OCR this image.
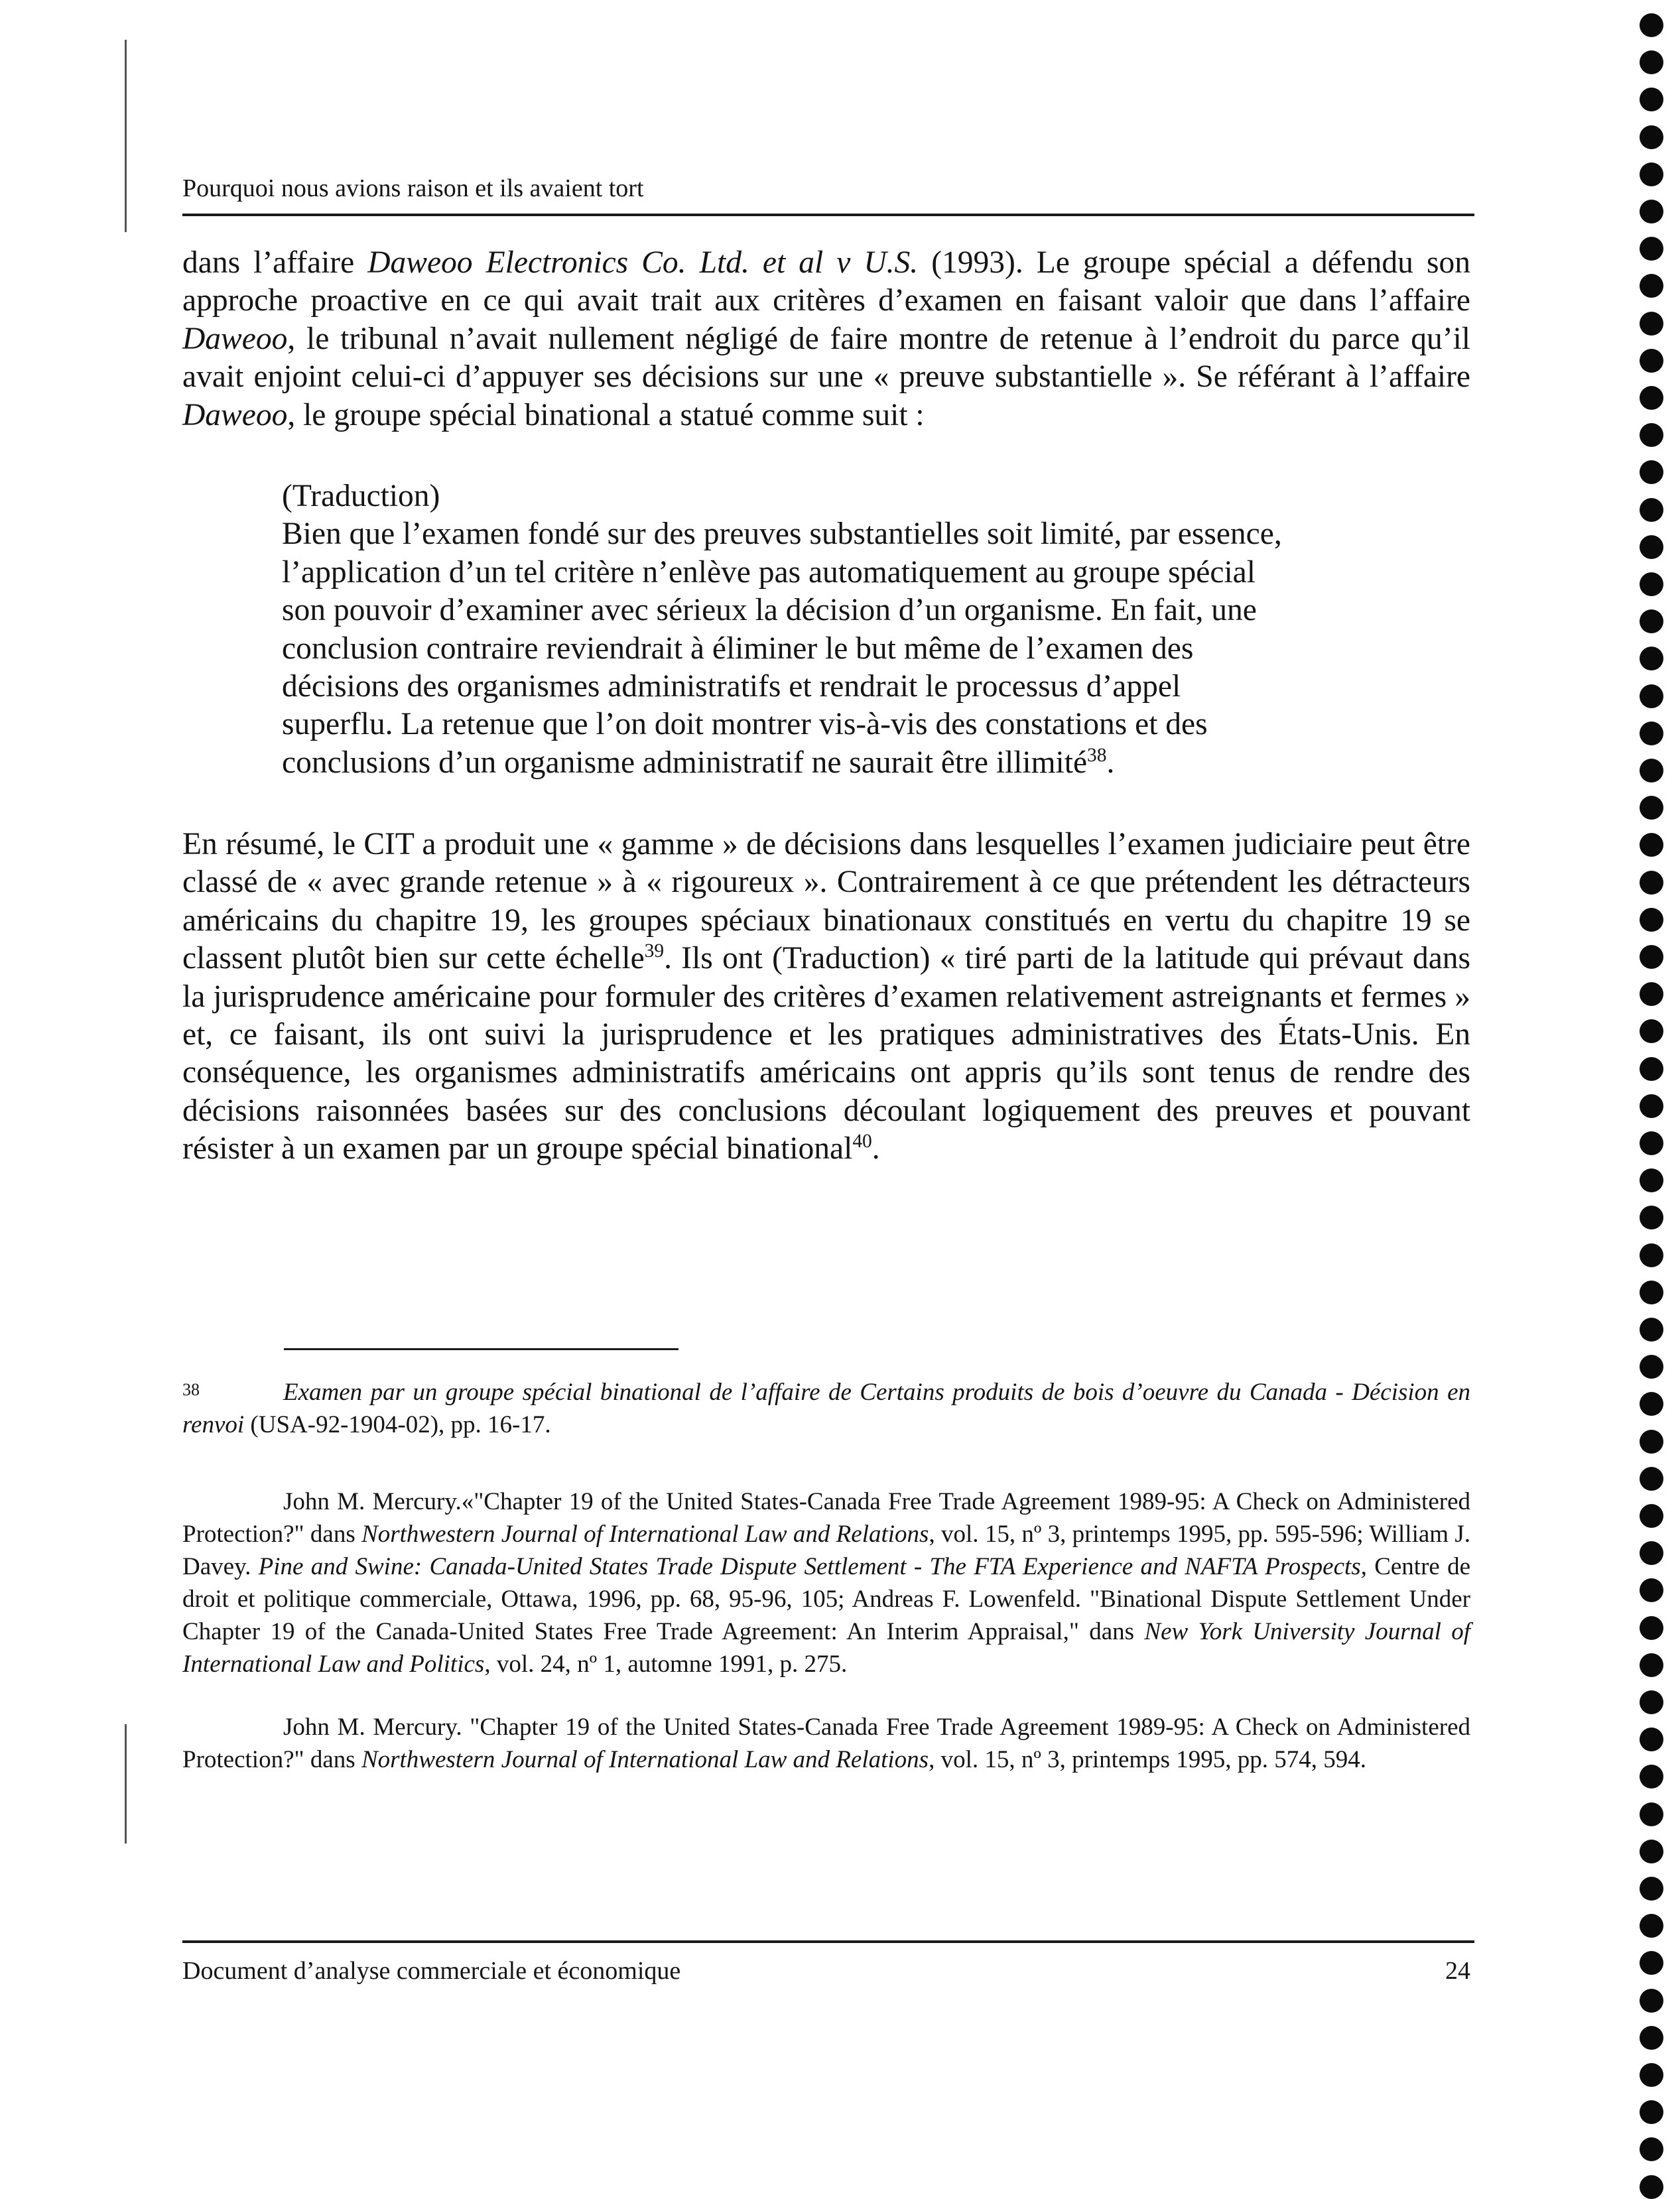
Pourquoi nous avions raison et ils avaient tort

dans l’affaire Daweoo Electronics Co. Ltd. et al v U.S. (1993). Le groupe spécial a défendu son approche proactive en ce qui avait trait aux critères d’examen en faisant valoir que dans l’affaire Daweoo, le tribunal n’avait nullement négligé de faire montre de retenue à l’endroit du parce qu’il avait enjoint celui-ci d’appuyer ses décisions sur une « preuve substantielle ». Se référant à l’affaire Daweoo, le groupe spécial binational a statué comme suit :

(Traduction)
Bien que l’examen fondé sur des preuves substantielles soit limité, par essence,
l’application d’un tel critère n’enlève pas automatiquement au groupe spécial
son pouvoir d’examiner avec sérieux la décision d’un organisme. En fait, une
conclusion contraire reviendrait à éliminer le but même de l’examen des
décisions des organismes administratifs et rendrait le processus d’appel
superflu. La retenue que l’on doit montrer vis-à-vis des constations et des
conclusions d’un organisme administratif ne saurait être illimité$^{38}$.

En résumé, le CIT a produit une « gamme » de décisions dans lesquelles l’examen judiciaire peut être classé de « avec grande retenue » à « rigoureux ». Contrairement à ce que prétendent les détracteurs américains du chapitre 19, les groupes spéciaux binationaux constitués en vertu du chapitre 19 se classent plutôt bien sur cette échelle$^{39}$. Ils ont (Traduction) « tiré parti de la latitude qui prévaut dans la jurisprudence américaine pour formuler des critères d’examen relativement astreignants et fermes » et, ce faisant, ils ont suivi la jurisprudence et les pratiques administratives des États-Unis. En conséquence, les organismes administratifs américains ont appris qu’ils sont tenus de rendre des décisions raisonnées basées sur des conclusions découlant logiquement des preuves et pouvant résister à un examen par un groupe spécial binational$^{40}$.

38	Examen par un groupe spécial binational de l’affaire de Certains produits de bois d’oeuvre du Canada - Décision en renvoi (USA-92-1904-02), pp. 16-17.
John M. Mercury.«"Chapter 19 of the United States-Canada Free Trade Agreement 1989-95: A Check on Administered Protection?" dans Northwestern Journal of International Law and Relations, vol. 15, nº 3, printemps 1995, pp. 595-596; William J. Davey. Pine and Swine: Canada-United States Trade Dispute Settlement - The FTA Experience and NAFTA Prospects, Centre de droit et politique commerciale, Ottawa, 1996, pp. 68, 95-96, 105; Andreas F. Lowenfeld. "Binational Dispute Settlement Under Chapter 19 of the Canada-United States Free Trade Agreement: An Interim Appraisal," dans New York University Journal of International Law and Politics, vol. 24, nº 1, automne 1991, p. 275.
John M. Mercury. "Chapter 19 of the United States-Canada Free Trade Agreement 1989-95: A Check on Administered Protection?" dans Northwestern Journal of International Law and Relations, vol. 15, nº 3, printemps 1995, pp. 574, 594.
Document d’analyse commerciale et économique	24
